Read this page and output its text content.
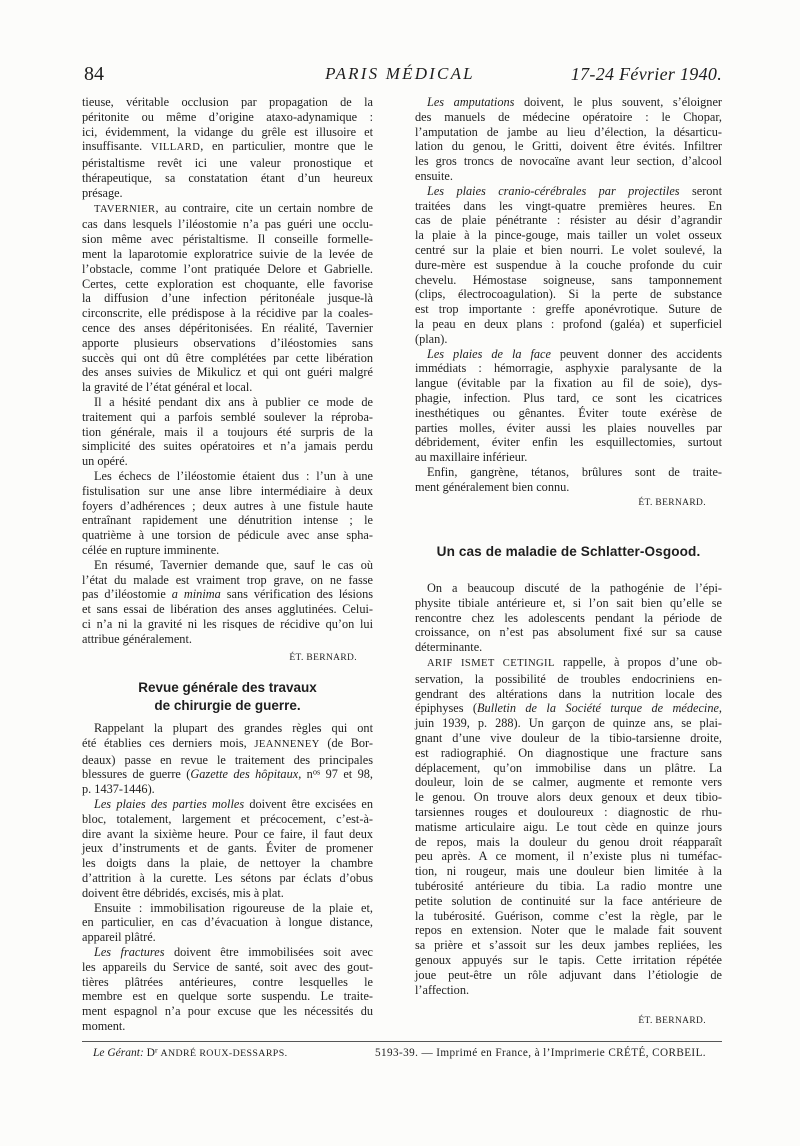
84	PARIS MÉDICAL	17-24 Février 1940.
tieuse, véritable occlusion par propagation de la
péritonite ou même d’origine ataxo-adynamique :
ici, évidemment, la vidange du grêle est illusoire et
insuffisante. VILLARD, en particulier, montre que le
péristaltisme revêt ici une valeur pronostique et
thérapeutique, sa constatation étant d’un heureux
présage.
TAVERNIER, au contraire, cite un certain nombre de
cas dans lesquels l’iléostomie n’a pas guéri une occlu-
sion même avec péristaltisme. Il conseille formelle-
ment la laparotomie exploratrice suivie de la levée de
l’obstacle, comme l’ont pratiquée Delore et Gabrielle.
Certes, cette exploration est choquante, elle favorise
la diffusion d’une infection péritonéale jusque-là
circonscrite, elle prédispose à la récidive par la coales-
cence des anses dépéritonisées. En réalité, Tavernier
apporte plusieurs observations d’iléostomies sans
succès qui ont dû être complétées par cette libération
des anses suivies de Mikulicz et qui ont guéri malgré
la gravité de l’état général et local.
Il a hésité pendant dix ans à publier ce mode de
traitement qui a parfois semblé soulever la réproba-
tion générale, mais il a toujours été surpris de la
simplicité des suites opératoires et n’a jamais perdu
un opéré.
Les échecs de l’iléostomie étaient dus : l’un à une
fistulisation sur une anse libre intermédiaire à deux
foyers d’adhérences ; deux autres à une fistule haute
entraînant rapidement une dénutrition intense ; le
quatrième à une torsion de pédicule avec anse spha-
célée en rupture imminente.
En résumé, Tavernier demande que, sauf le cas où
l’état du malade est vraiment trop grave, on ne fasse
pas d’iléostomie a minima sans vérification des lésions
et sans essai de libération des anses agglutinées. Celui-
ci n’a ni la gravité ni les risques de récidive qu’on lui
attribue généralement.
ÉT. BERNARD.
Revue générale des travaux
de chirurgie de guerre.
Rappelant la plupart des grandes règles qui ont
été établies ces derniers mois, JEANNENEY (de Bor-
deaux) passe en revue le traitement des principales
blessures de guerre (Gazette des hôpitaux, $n^{os}$ 97 et 98,
p. 1437-1446).
Les plaies des parties molles doivent être excisées en
bloc, totalement, largement et précocement, c’est-à-
dire avant la sixième heure. Pour ce faire, il faut deux
jeux d’instruments et de gants. Éviter de promener
les doigts dans la plaie, de nettoyer la chambre
d’attrition à la curette. Les sétons par éclats d’obus
doivent être débridés, excisés, mis à plat.
Ensuite : immobilisation rigoureuse de la plaie et,
en particulier, en cas d’évacuation à longue distance,
appareil plâtré.
Les fractures doivent être immobilisées soit avec
les appareils du Service de santé, soit avec des gout-
tières plâtrées antérieures, contre lesquelles le
membre est en quelque sorte suspendu. Le traite-
ment espagnol n’a pour excuse que les nécessités du
moment.
Les amputations doivent, le plus souvent, s’éloigner
des manuels de médecine opératoire : le Chopar,
l’amputation de jambe au lieu d’élection, la désarticu-
lation du genou, le Gritti, doivent être évités. Infiltrer
les gros troncs de novocaïne avant leur section, d’alcool
ensuite.
Les plaies cranio-cérébrales par projectiles seront
traitées dans les vingt-quatre premières heures. En
cas de plaie pénétrante : résister au désir d’agrandir
la plaie à la pince-gouge, mais tailler un volet osseux
centré sur la plaie et bien nourri. Le volet soulevé, la
dure-mère est suspendue à la couche profonde du cuir
chevelu. Hémostase soigneuse, sans tamponnement
(clips, électrocoagulation). Si la perte de substance
est trop importante : greffe aponévrotique. Suture de
la peau en deux plans : profond (galéa) et superficiel
(plan).
Les plaies de la face peuvent donner des accidents
immédiats : hémorragie, asphyxie paralysante de la
langue (évitable par la fixation au fil de soie), dys-
phagie, infection. Plus tard, ce sont les cicatrices
inesthétiques ou gênantes. Éviter toute exérèse de
parties molles, éviter aussi les plaies nouvelles par
débridement, éviter enfin les esquillectomies, surtout
au maxillaire inférieur.
Enfin, gangrène, tétanos, brûlures sont de traite-
ment généralement bien connu.
ÉT. BERNARD.
Un cas de maladie de Schlatter-Osgood.
On a beaucoup discuté de la pathogénie de l’épi-
physite tibiale antérieure et, si l’on sait bien qu’elle se
rencontre chez les adolescents pendant la période de
croissance, on n’est pas absolument fixé sur sa cause
déterminante.
ARIF ISMET CETINGIL rappelle, à propos d’une ob-
servation, la possibilité de troubles endocriniens en-
gendrant des altérations dans la nutrition locale des
épiphyses (Bulletin de la Société turque de médecine,
juin 1939, p. 288). Un garçon de quinze ans, se plai-
gnant d’une vive douleur de la tibio-tarsienne droite,
est radiographié. On diagnostique une fracture sans
déplacement, qu’on immobilise dans un plâtre. La
douleur, loin de se calmer, augmente et remonte vers
le genou. On trouve alors deux genoux et deux tibio-
tarsiennes rouges et douloureux : diagnostic de rhu-
matisme articulaire aigu. Le tout cède en quinze jours
de repos, mais la douleur du genou droit réapparaît
peu après. A ce moment, il n’existe plus ni tuméfac-
tion, ni rougeur, mais une douleur bien limitée à la
tubérosité antérieure du tibia. La radio montre une
petite solution de continuité sur la face antérieure de
la tubérosité. Guérison, comme c’est la règle, par le
repos en extension. Noter que le malade fait souvent
sa prière et s’assoit sur les deux jambes repliées, les
genoux appuyés sur le tapis. Cette irritation répétée
joue peut-être un rôle adjuvant dans l’étiologie de
l’affection.
ÉT. BERNARD.
Le Gérant: $D^r$ ANDRÉ ROUX-DESSARPS.	5193-39. — Imprimé en France, à l’Imprimerie CRÉTÉ, CORBEIL.
